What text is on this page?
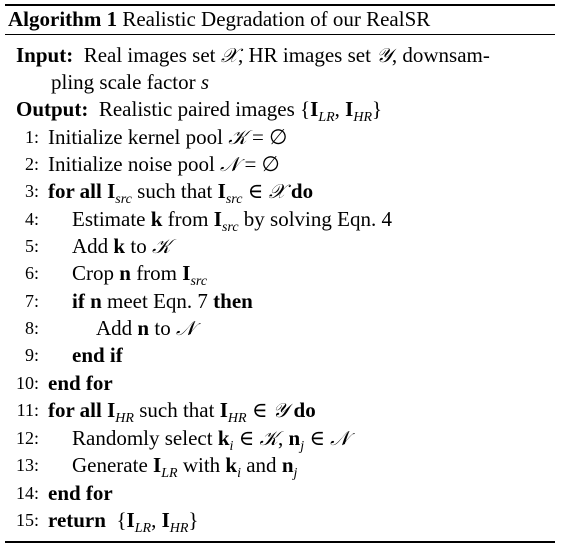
Algorithm 1 Realistic Degradation of our RealSR
Input:  Real images set 𝒳, HR images set 𝒴, downsam-
pling scale factor s
Output:  Realistic paired images {$I_{LR}$, $I_{HR}$}
1: Initialize kernel pool 𝒦 = ∅
2: Initialize noise pool 𝒩 = ∅
3: for all $I_{src}$ such that $I_{src}$ ∈ 𝒳 do
4: Estimate k from $I_{src}$ by solving Eqn. 4
5: Add k to 𝒦
6: Crop n from $I_{src}$
7: if n meet Eqn. 7 then
8:	Add n to 𝒩
9: end if
10: end for
11: for all $I_{HR}$ such that $I_{HR}$ ∈ 𝒴 do
12: Randomly select $k_i$ ∈ 𝒦, $n_j$ ∈ 𝒩
13: Generate $I_{LR}$ with $k_i$ and $n_j$
14: end for
15: return  {$I_{LR}$, $I_{HR}$}
